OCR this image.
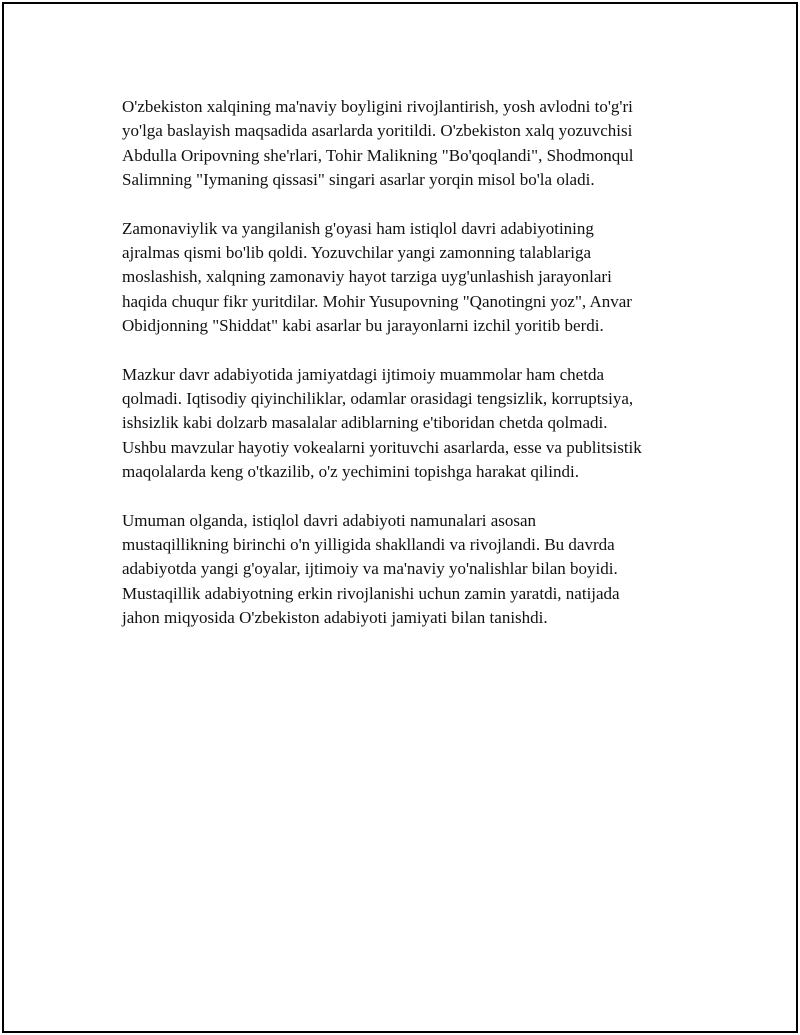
O'zbekiston xalqining ma'naviy boyligini rivojlantirish, yosh avlodni to'g'ri
yo'lga baslayish maqsadida asarlarda yoritildi. O'zbekiston xalq yozuvchisi
Abdulla Oripovning she'rlari, Tohir Malikning "Bo'qoqlandi", Shodmonqul
Salimning "Iymaning qissasi" singari asarlar yorqin misol bo'la oladi.

Zamonaviylik va yangilanish g'oyasi ham istiqlol davri adabiyotining
ajralmas qismi bo'lib qoldi. Yozuvchilar yangi zamonning talablariga
moslashish, xalqning zamonaviy hayot tarziga uyg'unlashish jarayonlari
haqida chuqur fikr yuritdilar. Mohir Yusupovning "Qanotingni yoz", Anvar
Obidjonning "Shiddat" kabi asarlar bu jarayonlarni izchil yoritib berdi.

Mazkur davr adabiyotida jamiyatdagi ijtimoiy muammolar ham chetda
qolmadi. Iqtisodiy qiyinchiliklar, odamlar orasidagi tengsizlik, korruptsiya,
ishsizlik kabi dolzarb masalalar adiblarning e'tiboridan chetda qolmadi.
Ushbu mavzular hayotiy vokealarni yorituvchi asarlarda, esse va publitsistik
maqolalarda keng o'tkazilib, o'z yechimini topishga harakat qilindi.

Umuman olganda, istiqlol davri adabiyoti namunalari asosan
mustaqillikning birinchi o'n yilligida shakllandi va rivojlandi. Bu davrda
adabiyotda yangi g'oyalar, ijtimoiy va ma'naviy yo'nalishlar bilan boyidi.
Mustaqillik adabiyotning erkin rivojlanishi uchun zamin yaratdi, natijada
jahon miqyosida O'zbekiston adabiyoti jamiyati bilan tanishdi.
